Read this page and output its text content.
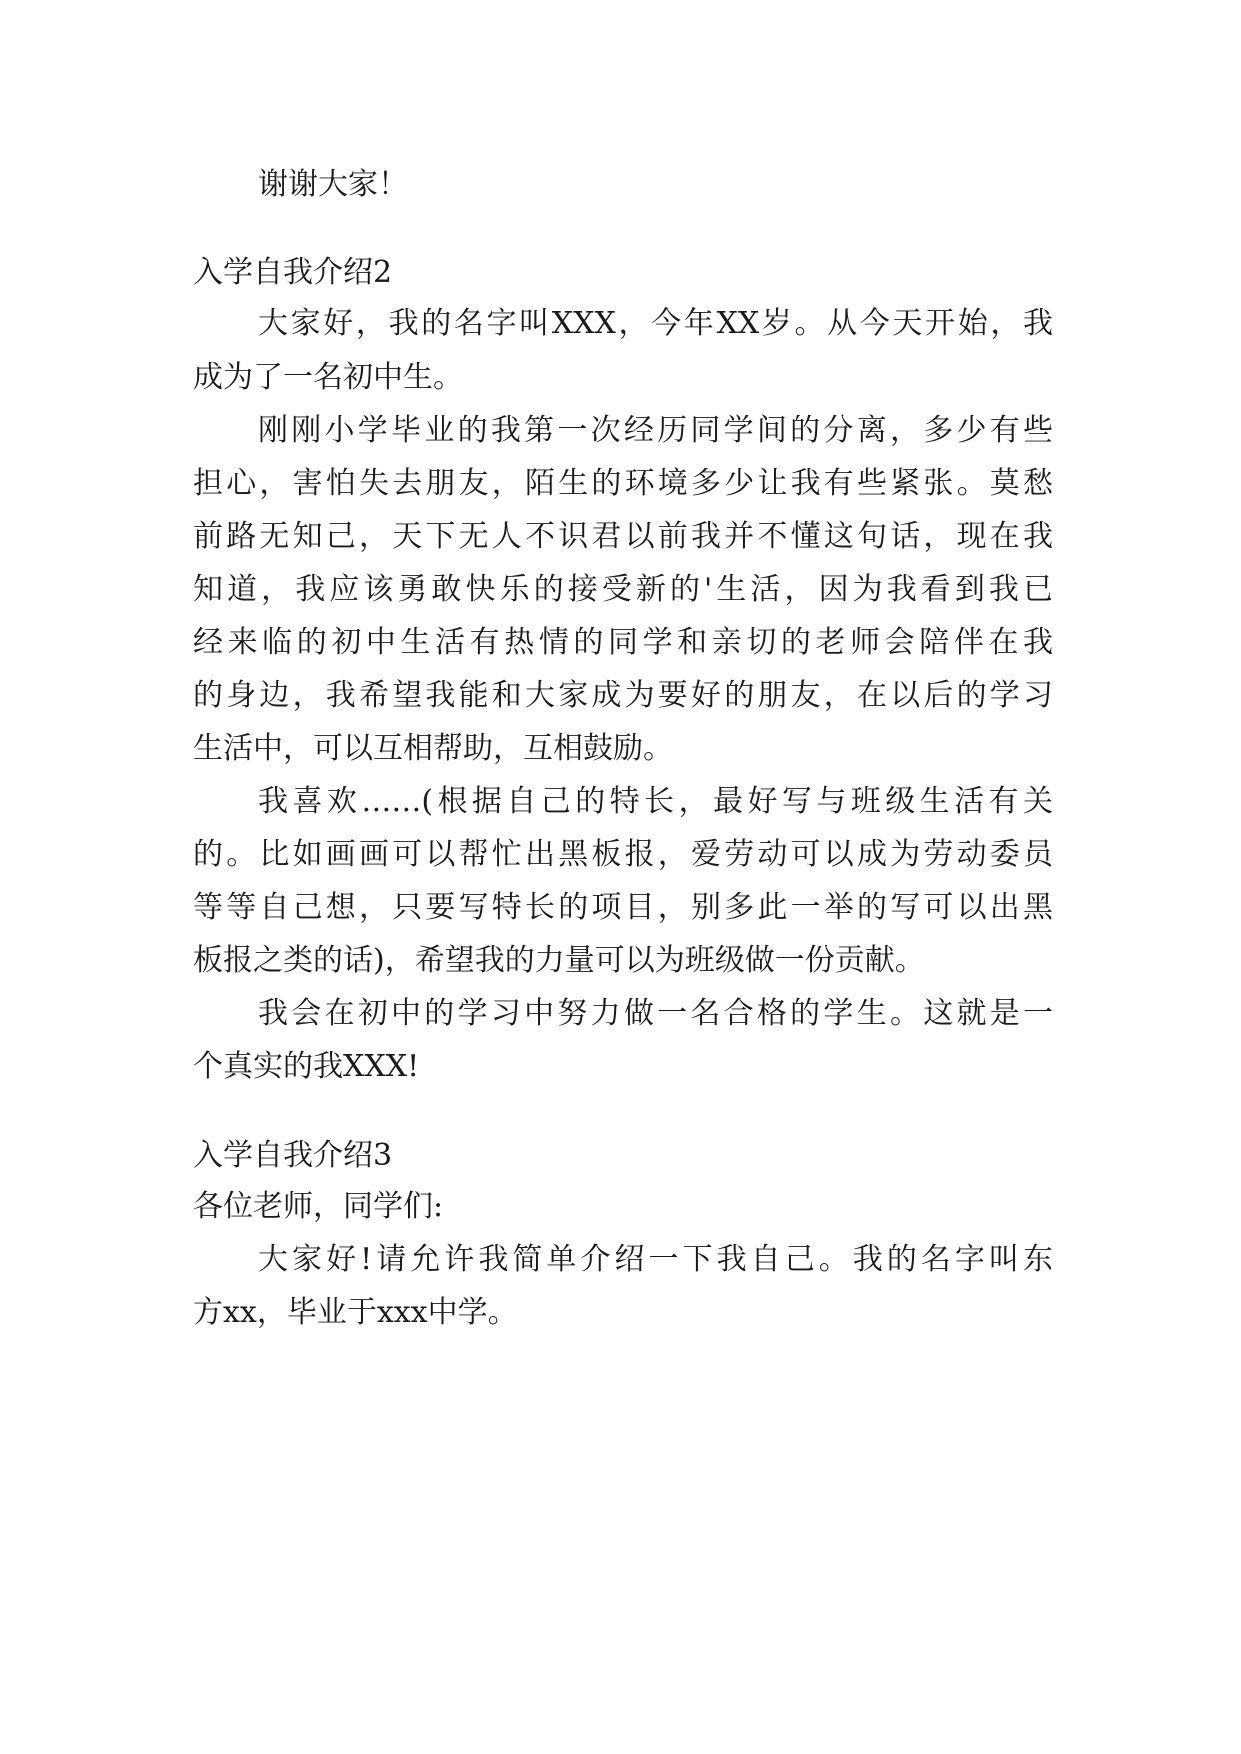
谢谢大家！
入学自我介绍2
大家好，我的名字叫XXX，今年XX岁。从今天开始，我
成为了一名初中生。
刚刚小学毕业的我第一次经历同学间的分离，多少有些
担心，害怕失去朋友，陌生的环境多少让我有些紧张。莫愁
前路无知己，天下无人不识君以前我并不懂这句话，现在我
知道，我应该勇敢快乐的接受新的'生活，因为我看到我已
经来临的初中生活有热情的同学和亲切的老师会陪伴在我
的身边，我希望我能和大家成为要好的朋友，在以后的学习
生活中，可以互相帮助，互相鼓励。
我喜欢……(根据自己的特长，最好写与班级生活有关
的。比如画画可以帮忙出黑板报，爱劳动可以成为劳动委员
等等自己想，只要写特长的项目，别多此一举的写可以出黑
板报之类的话)，希望我的力量可以为班级做一份贡献。
我会在初中的学习中努力做一名合格的学生。这就是一
个真实的我XXX!
入学自我介绍3
各位老师，同学们:
大家好!请允许我简单介绍一下我自己。我的名字叫东
方xx，毕业于xxx中学。
